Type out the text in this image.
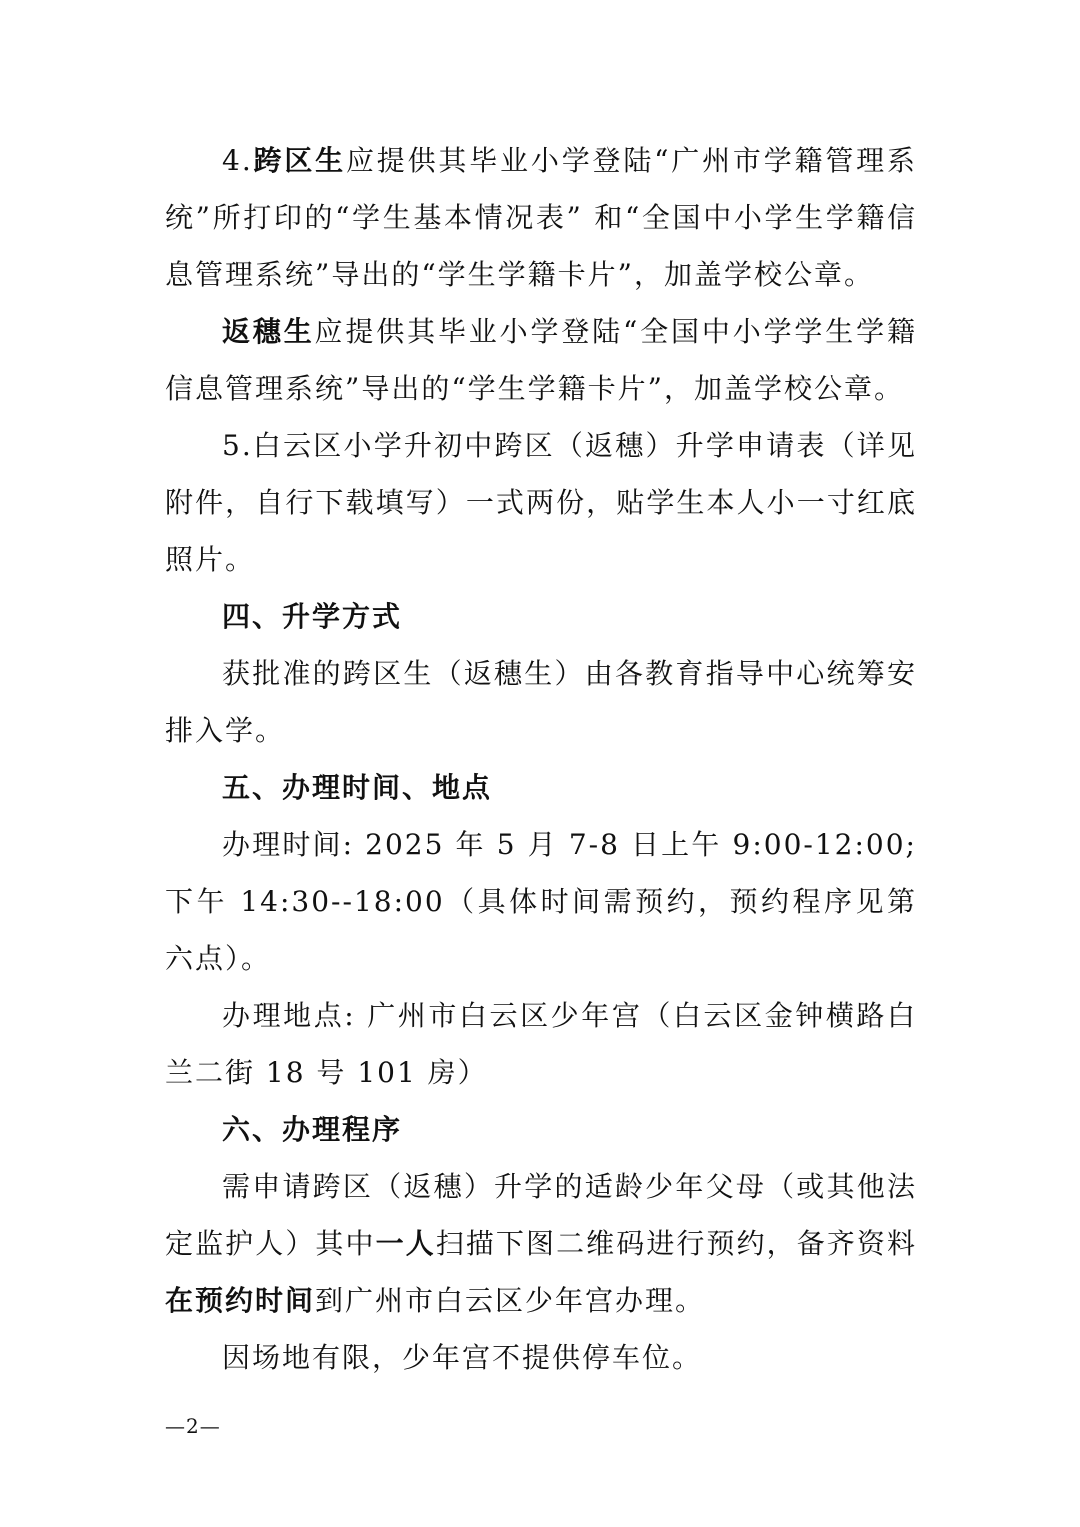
4.跨区生应提供其毕业小学登陆“广州市学籍管理系统”所打印的“学生基本情况表” 和“全国中小学生学籍信息管理系统”导出的“学生学籍卡片”，加盖学校公章。

返穗生应提供其毕业小学登陆“全国中小学学生学籍信息管理系统”导出的“学生学籍卡片”，加盖学校公章。

5.白云区小学升初中跨区（返穗）升学申请表（详见附件，自行下载填写）一式两份，贴学生本人小一寸红底照片。

四、升学方式

获批准的跨区生（返穗生）由各教育指导中心统筹安排入学。

五、办理时间、地点

办理时间: 2025 年 5 月 7-8 日上午 9:00-12:00; 下午 14:30--18:00（具体时间需预约，预约程序见第六点）。

办理地点: 广州市白云区少年宫（白云区金钟横路白兰二街 18 号 101 房）

六、办理程序

需申请跨区（返穗）升学的适龄少年父母（或其他法定监护人）其中一人扫描下图二维码进行预约，备齐资料在预约时间到广州市白云区少年宫办理。

因场地有限，少年宫不提供停车位。

—2—
